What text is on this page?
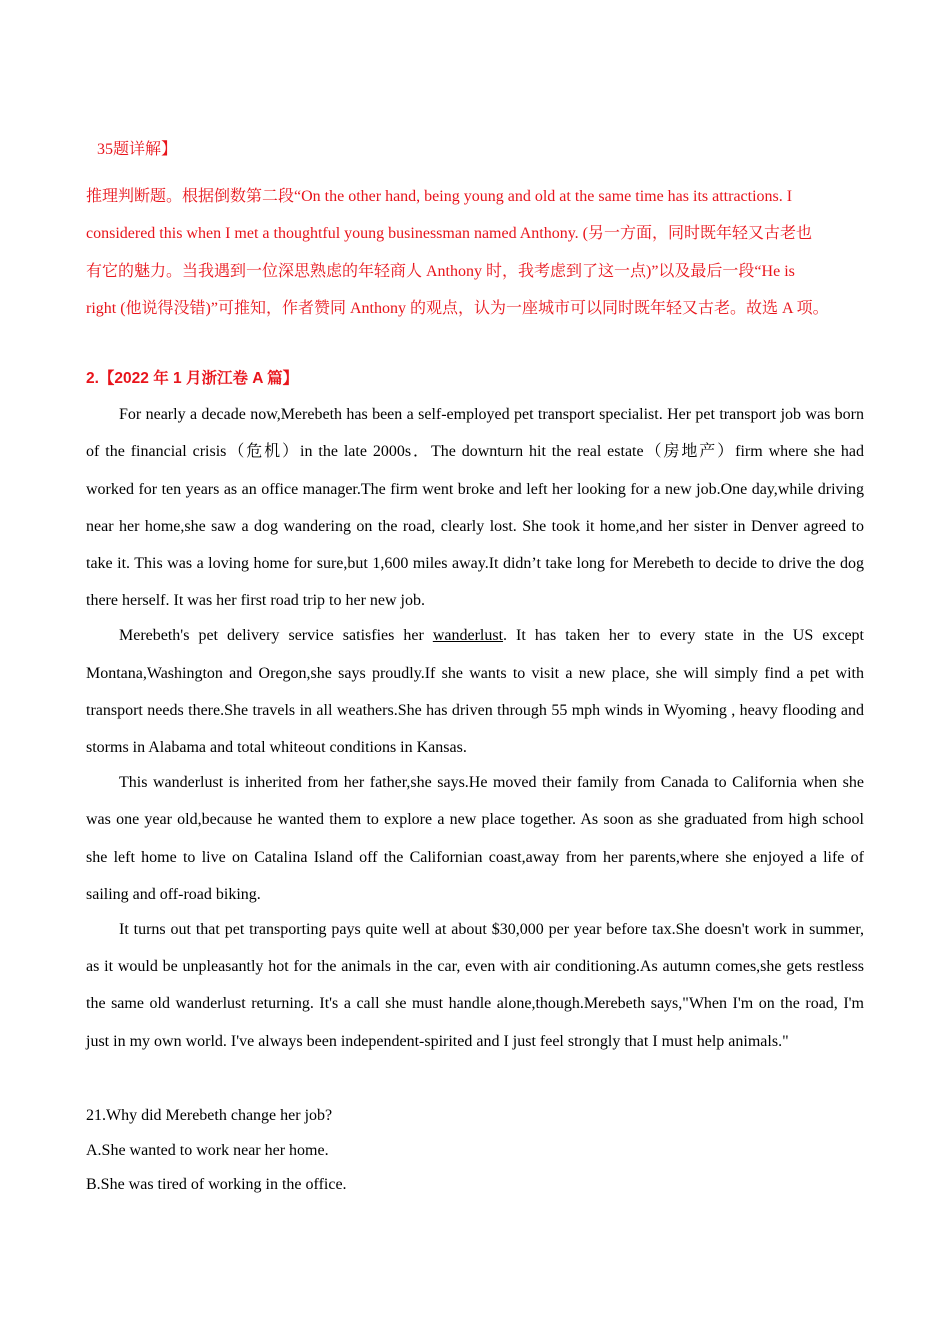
35题详解】
推理判断题。根据倒数第二段“On the other hand, being young and old at the same time has its attractions. I
considered this when I met a thoughtful young businessman named Anthony. (另一方面，同时既年轻又古老也
有它的魅力。当我遇到一位深思熟虑的年轻商人 Anthony 时，我考虑到了这一点)”以及最后一段“He is
right (他说得没错)”可推知，作者赞同 Anthony 的观点，认为一座城市可以同时既年轻又古老。故选 A 项。
2.【2022 年 1 月浙江卷 A 篇】

For nearly a decade now,Merebeth has been a self-employed pet transport specialist. Her pet transport job was born of the financial crisis（危机）in the late 2000s．The downturn hit the real estate（房地产）firm where she had worked for ten years as an office manager.The firm went broke and left her looking for a new job.One day,while driving near her home,she saw a dog wandering on the road, clearly lost. She took it home,and her sister in Denver agreed to take it. This was a loving home for sure,but 1,600 miles away.It didn’t take long for Merebeth to decide to drive the dog there herself. It was her first road trip to her new job.

Merebeth's pet delivery service satisfies her wanderlust. It has taken her to every state in the US except Montana,Washington and Oregon,she says proudly.If she wants to visit a new place, she will simply find a pet with transport needs there.She travels in all weathers.She has driven through 55 mph winds in Wyoming , heavy flooding and storms in Alabama and total whiteout conditions in Kansas.

This wanderlust is inherited from her father,she says.He moved their family from Canada to California when she was one year old,because he wanted them to explore a new place together. As soon as she graduated from high school she left home to live on Catalina Island off the Californian coast,away from her parents,where she enjoyed a life of sailing and off-road biking.

It turns out that pet transporting pays quite well at about $30,000 per year before tax.She doesn't work in summer, as it would be unpleasantly hot for the animals in the car, even with air conditioning.As autumn comes,she gets restless the same old wanderlust returning. It's a call she must handle alone,though.Merebeth says,"When I'm on the road, I'm just in my own world. I've always been independent-spirited and I just feel strongly that I must help animals."

21.Why did Merebeth change her job?
A.She wanted to work near her home.
B.She was tired of working in the office.
